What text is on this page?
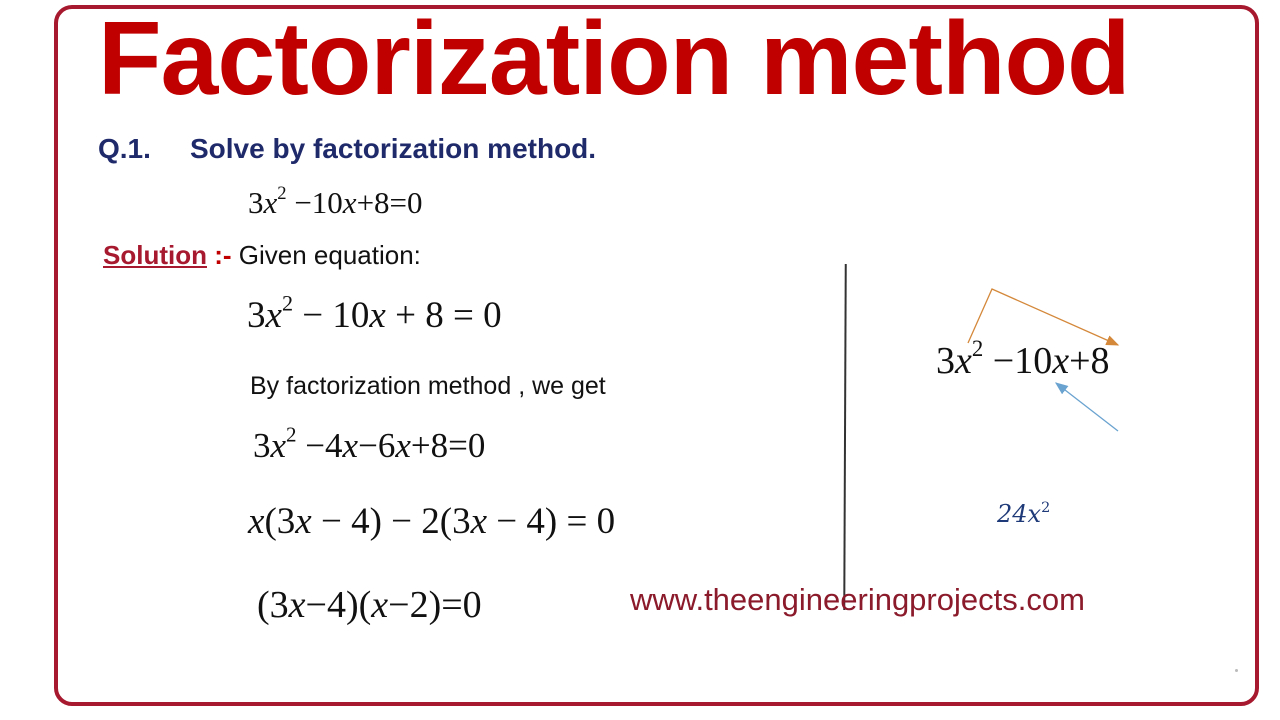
Factorization method
Q.1. Solve by factorization method.
$3x^2 -10x+8=0$
Solution :- Given equation:
$3x^2 - 10x + 8 = 0$
By factorization method , we get
$3x^2 -4x-6x+8=0$
x(3x − 4) − 2(3x − 4) = 0
(3x−4)(x−2)=0
$3x^2 -10x+8$
$24x^2$
www.theengineeringprojects.com
